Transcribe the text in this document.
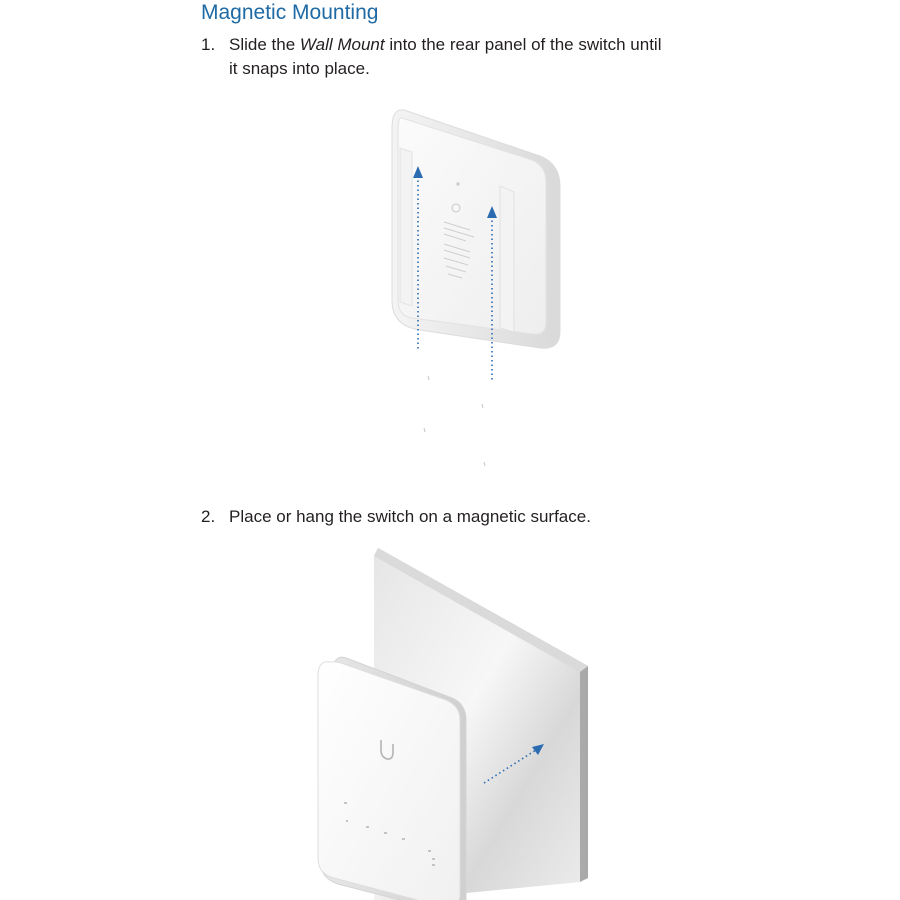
Magnetic Mounting

1. Slide the Wall Mount into the rear panel of the switch until
it snaps into place.

2. Place or hang the switch on a magnetic surface.
